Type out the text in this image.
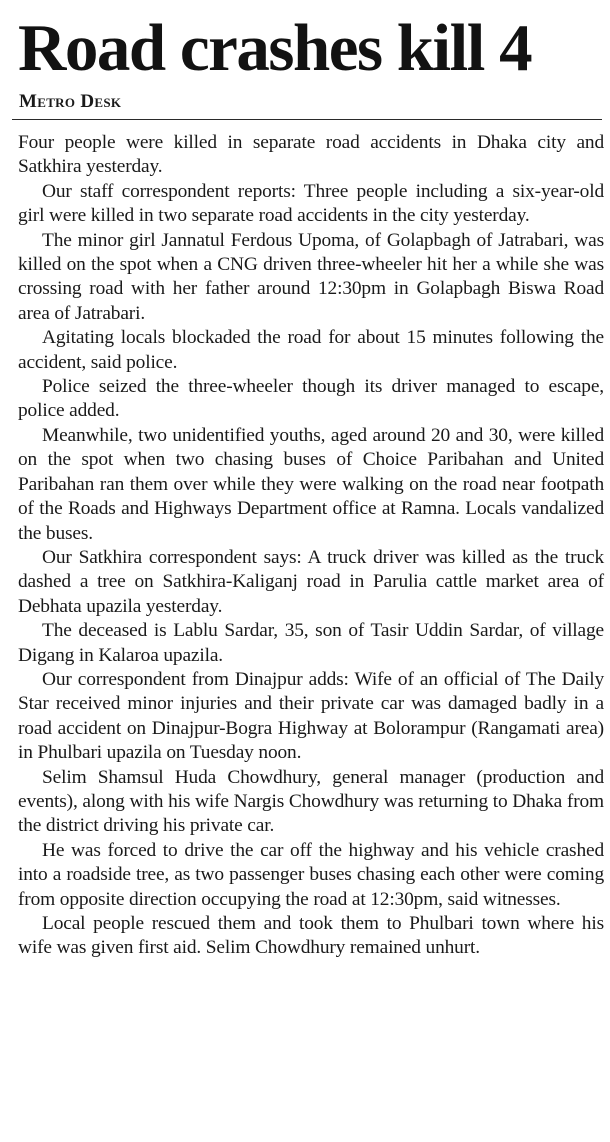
Road crashes kill 4
Metro Desk

Four people were killed in separate road accidents in Dhaka city and Satkhira yesterday.

Our staff correspondent reports: Three people including a six-year-old girl were killed in two separate road accidents in the city yesterday.

The minor girl Jannatul Ferdous Upoma, of Golapbagh of Jatrabari, was killed on the spot when a CNG driven three-wheeler hit her a while she was crossing road with her father around 12:30pm in Golapbagh Biswa Road area of Jatrabari.

Agitating locals blockaded the road for about 15 minutes following the accident, said police.

Police seized the three-wheeler though its driver managed to escape, police added.

Meanwhile, two unidentified youths, aged around 20 and 30, were killed on the spot when two chasing buses of Choice Paribahan and United Paribahan ran them over while they were walking on the road near footpath of the Roads and Highways Department office at Ramna. Locals vandalized the buses.

Our Satkhira correspondent says: A truck driver was killed as the truck dashed a tree on Satkhira-Kaliganj road in Parulia cattle market area of Debhata upazila yesterday.

The deceased is Lablu Sardar, 35, son of Tasir Uddin Sardar, of village Digang in Kalaroa upazila.

Our correspondent from Dinajpur adds: Wife of an official of The Daily Star received minor injuries and their private car was damaged badly in a road accident on Dinajpur-Bogra Highway at Bolorampur (Rangamati area) in Phulbari upazila on Tuesday noon.

Selim Shamsul Huda Chowdhury, general manager (production and events), along with his wife Nargis Chowdhury was returning to Dhaka from the district driving his private car.

He was forced to drive the car off the highway and his vehicle crashed into a roadside tree, as two passenger buses chasing each other were coming from opposite direction occupying the road at 12:30pm, said witnesses.

Local people rescued them and took them to Phulbari town where his wife was given first aid. Selim Chowdhury remained unhurt.
